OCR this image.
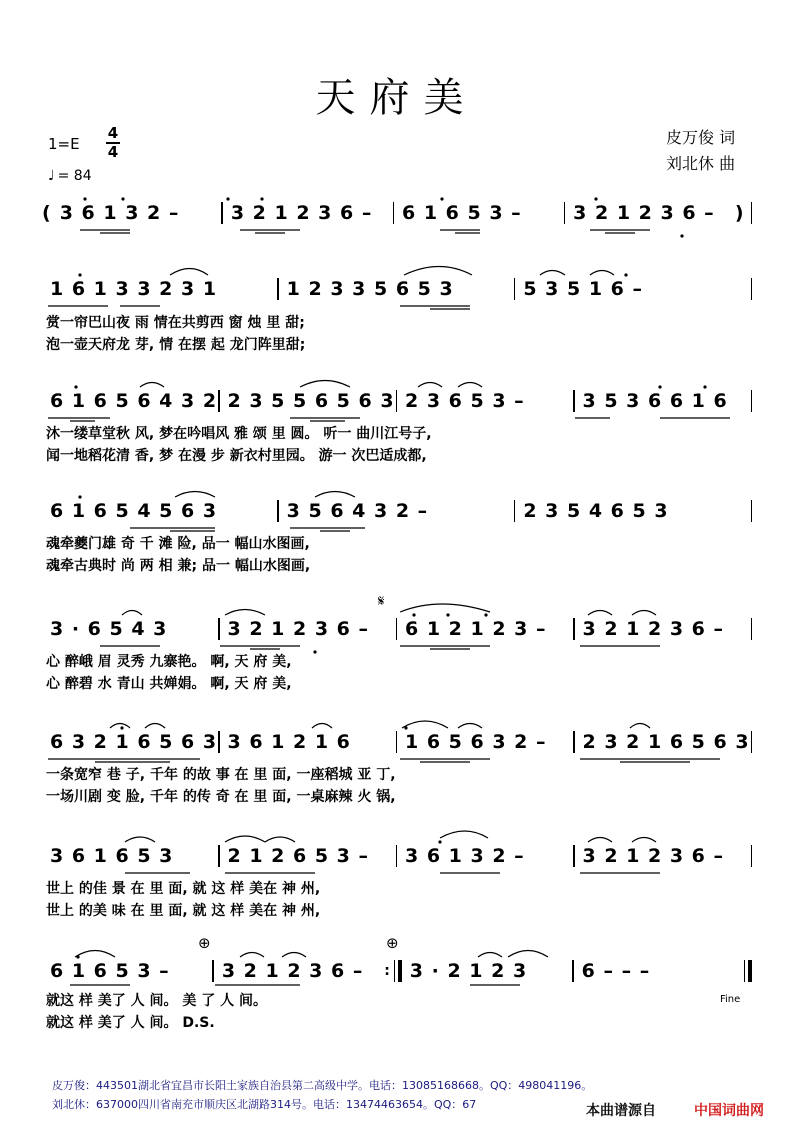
天府美
1=E
4
4
♩ = 84
皮万俊 词
刘北休 曲
( 3 6 1 3 2 –	3 2 1 2 3 6 –	6 1 6 5 3 –	3 2 1 2 3 6 –	)
1 6 1 3 3 2 3 1	1 2 3 3 5 6 5 3	5 3 5 1 6 –
赏一帘巴山夜 雨 情在共剪西 窗 烛 里 甜;
泡一壶天府龙 芽, 情 在摆 起 龙门阵里甜;
6 1 6 5 6 4 3 2 2 3 5 5 6 5 6 3 2 3 6 5 3 –	3 5 3 6 6 1 6
沐一缕草堂秋 风, 梦在吟唱风 雅 颂 里 圆。 听一 曲川江号子,
闻一地稻花清 香, 梦 在漫 步 新衣村里园。 游一 次巴适成都,
6 1 6 5 4 5 6 3	3 5 6 4 3 2 –	2 3 5 4 6 5 3
魂牵夔门雄 奇 千 滩 险, 品一 幅山水图画,
魂牵古典时 尚 两 相 兼; 品一 幅山水图画,
𝄋
3 · 6 5 4 3	3 2 1 2 3 6 –	6 1 2 1 2 3 –	3 2 1 2 3 6 –
心 醉峨 眉 灵秀 九寨艳。 啊, 天 府 美,
心 醉碧 水 青山 共婵娟。 啊, 天 府 美,
6 3 2 1 6 5 6 3 3 6 1 2 1 6	1 6 5 6 3 2 –	2 3 2 1 6 5 6 3
一条宽窄 巷 子, 千年 的故 事 在 里 面, 一座稻城 亚 丁,
一场川剧 变 脸, 千年 的传 奇 在 里 面, 一桌麻辣 火 锅,
3 6 1 6 5 3	2 1 2 6 5 3 –	3 6 1 3 2 –	3 2 1 2 3 6 –
世上 的佳 景 在 里 面, 就 这 样 美在 神 州,
世上 的美 味 在 里 面, 就 这 样 美在 神 州,
⊕	⊕
6 1 6 5 3 –	3 2 1 2 3 6 –	:	3 · 2 1 2 3	6 – – –
就这 样 美了 人 间。 美 了 人 间。
就这 样 美了 人 间。 D.S.
Fine
皮万俊：443501湖北省宜昌市长阳土家族自治县第二高级中学。电话：13085168668。QQ：498041196。
刘北休：637000四川省南充市顺庆区北湖路314号。电话：13474463654。QQ：67	本曲谱源自	中国词曲网
